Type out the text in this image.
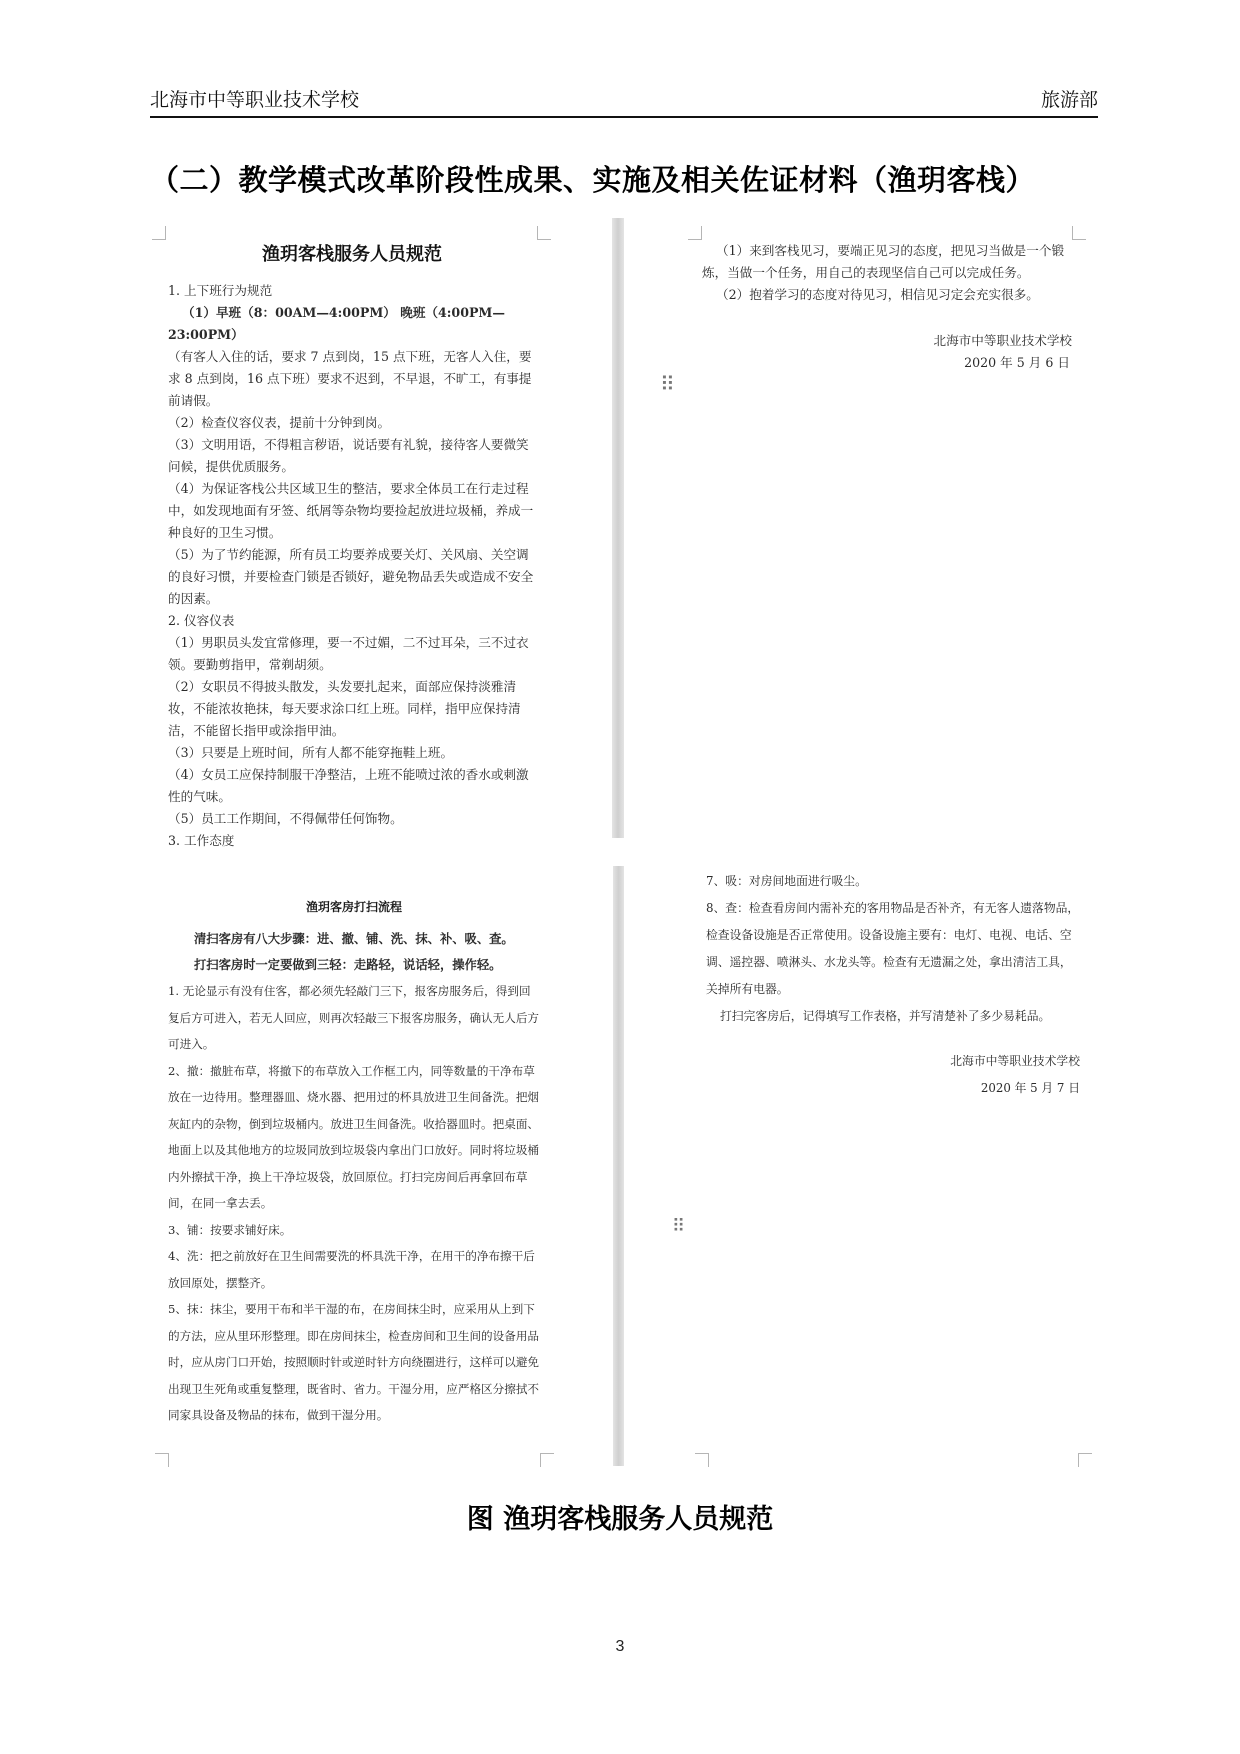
北海市中等职业技术学校	旅游部
（二）教学模式改革阶段性成果、实施及相关佐证材料（渔玥客栈）
⠿
⠿
渔玥客栈服务人员规范

1. 上下班行为规范

（1）早班（8：00AM—4:00PM） 晚班（4:00PM—23:00PM）

（有客人入住的话，要求 7 点到岗，15 点下班，无客人入住，要求 8 点到岗，16 点下班）要求不迟到，不早退，不旷工，有事提前请假。

（2）检查仪容仪表，提前十分钟到岗。

（3）文明用语，不得粗言秽语，说话要有礼貌，接待客人要微笑问候，提供优质服务。

（4）为保证客栈公共区域卫生的整洁，要求全体员工在行走过程中，如发现地面有牙签、纸屑等杂物均要捡起放进垃圾桶，养成一种良好的卫生习惯。

（5）为了节约能源，所有员工均要养成要关灯、关风扇、关空调的良好习惯，并要检查门锁是否锁好，避免物品丢失或造成不安全的因素。

2. 仪容仪表

（1）男职员头发宜常修理，要一不过媚，二不过耳朵，三不过衣领。要勤剪指甲，常剃胡须。

（2）女职员不得披头散发，头发要扎起来，面部应保持淡雅清妆，不能浓妆艳抹，每天要求涂口红上班。同样，指甲应保持清洁，不能留长指甲或涂指甲油。

（3）只要是上班时间，所有人都不能穿拖鞋上班。

（4）女员工应保持制服干净整洁，上班不能喷过浓的香水或刺激性的气味。

（5）员工工作期间，不得佩带任何饰物。

3. 工作态度

（1）来到客栈见习，要端正见习的态度，把见习当做是一个锻炼，当做一个任务，用自己的表现坚信自己可以完成任务。

（2）抱着学习的态度对待见习，相信见习定会充实很多。

北海市中等职业技术学校

2020 年 5 月 6 日

渔玥客房打扫流程

清扫客房有八大步骤：进、撤、铺、洗、抹、补、吸、查。

打扫客房时一定要做到三轻：走路轻，说话轻，操作轻。

1. 无论显示有没有住客，都必须先轻敲门三下，报客房服务后，得到回复后方可进入，若无人回应，则再次轻敲三下报客房服务，确认无人后方可进入。

2、撤：撤脏布草，将撤下的布草放入工作框工内，同等数量的干净布草放在一边待用。整理器皿、烧水器、把用过的杯具放进卫生间备洗。把烟灰缸内的杂物，倒到垃圾桶内。放进卫生间备洗。收拾器皿时。把桌面、地面上以及其他地方的垃圾同放到垃圾袋内拿出门口放好。同时将垃圾桶内外擦拭干净，换上干净垃圾袋，放回原位。打扫完房间后再拿回布草间，在同一拿去丢。

3、铺：按要求铺好床。

4、洗：把之前放好在卫生间需要洗的杯具洗干净，在用干的净布擦干后放回原处，摆整齐。

5、抹：抹尘，要用干布和半干湿的布，在房间抹尘时，应采用从上到下的方法，应从里环形整理。即在房间抹尘，检查房间和卫生间的设备用品时，应从房门口开始，按照顺时针或逆时针方向绕圈进行，这样可以避免出现卫生死角或重复整理，既省时、省力。干湿分用，应严格区分擦拭不同家具设备及物品的抹布，做到干湿分用。

7、吸：对房间地面进行吸尘。

8、查：检查看房间内需补充的客用物品是否补齐，有无客人遗落物品，检查设备设施是否正常使用。设备设施主要有：电灯、电视、电话、空调、遥控器、喷淋头、水龙头等。检查有无遗漏之处，拿出清洁工具，关掉所有电器。

打扫完客房后，记得填写工作表格，并写清楚补了多少易耗品。

北海市中等职业技术学校

2020 年 5 月 7 日

图 渔玥客栈服务人员规范
3
